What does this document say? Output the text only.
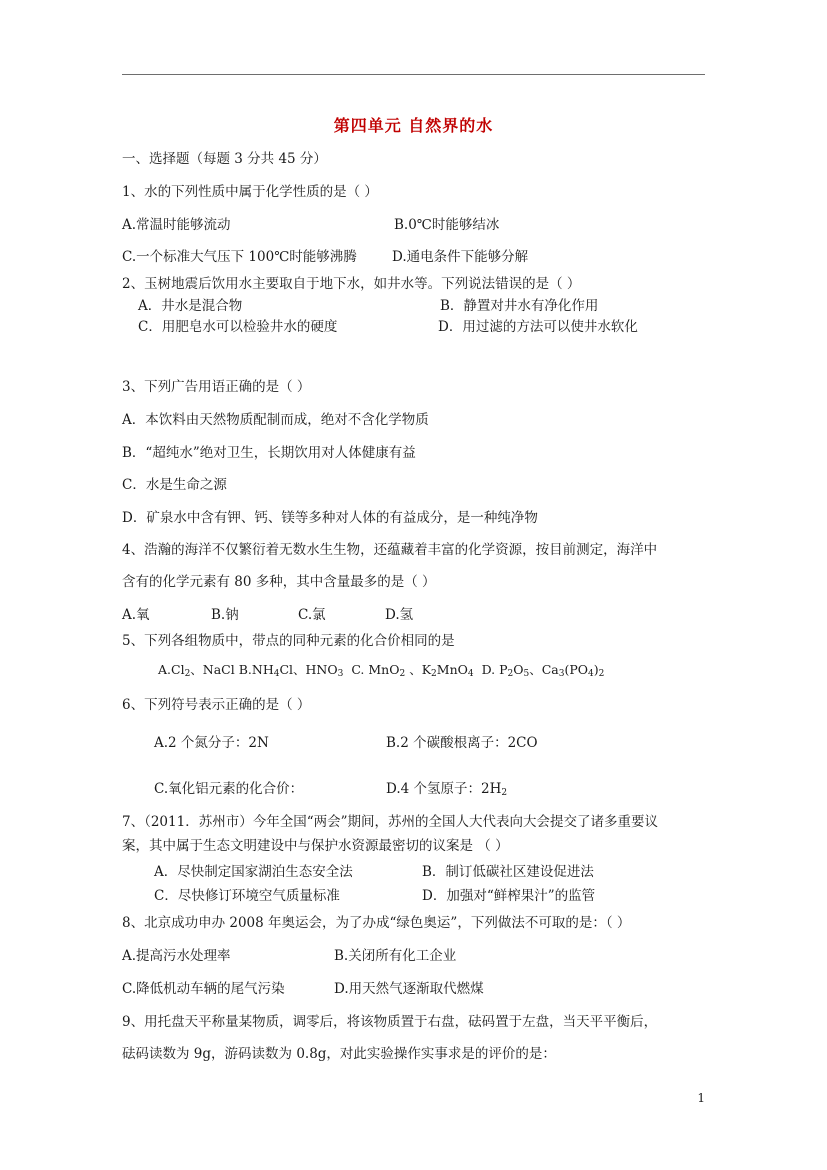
第四单元 自然界的水
一、选择题（每题 3 分共 45 分）
1、水的下列性质中属于化学性质的是（ ）
A.常温时能够流动	B.0℃时能够结冰
C.一个标准大气压下 100℃时能够沸腾	D.通电条件下能够分解
2、玉树地震后饮用水主要取自于地下水，如井水等。下列说法错误的是（ ）
A．井水是混合物	B．静置对井水有净化作用
C．用肥皂水可以检验井水的硬度	D．用过滤的方法可以使井水软化
3、下列广告用语正确的是（ ）
A．本饮料由天然物质配制而成，绝对不含化学物质
B．“超纯水”绝对卫生，长期饮用对人体健康有益
C．水是生命之源
D．矿泉水中含有钾、钙、镁等多种对人体的有益成分，是一种纯净物
4、浩瀚的海洋不仅繁衍着无数水生生物，还蕴藏着丰富的化学资源，按目前测定，海洋中
含有的化学元素有 80 多种，其中含量最多的是（ ）
A.氧	B.钠	C.氯	D.氢
5、下列各组物质中，带点的同种元素的化合价相同的是
$A.Cl_2$、NaCl $B.NH_4Cl$、$HNO_3$ C. MnO$_2$ 、$K_2MnO_4$ D. $P_2O_5$、$Ca_3(PO_4)_2$
6、下列符号表示正确的是（ ）
A.2 个氮分子：2N	B.2 个碳酸根离子：2CO
C.氧化铝元素的化合价：	D.4 个氢原子：$2H_2$
7、（2011．苏州市）今年全国“两会”期间，苏州的全国人大代表向大会提交了诸多重要议
案，其中属于生态文明建设中与保护水资源最密切的议案是 （ ）
A．尽快制定国家湖泊生态安全法	B．制订低碳社区建设促进法
C．尽快修订环境空气质量标准	D．加强对“鲜榨果汁”的监管
8、北京成功申办 2008 年奥运会，为了办成“绿色奥运”，下列做法不可取的是：（ ）
A.提高污水处理率	B.关闭所有化工企业
C.降低机动车辆的尾气污染	D.用天然气逐渐取代燃煤
9、用托盘天平称量某物质，调零后，将该物质置于右盘，砝码置于左盘，当天平平衡后，
砝码读数为 9g，游码读数为 0.8g，对此实验操作实事求是的评价的是：
1
